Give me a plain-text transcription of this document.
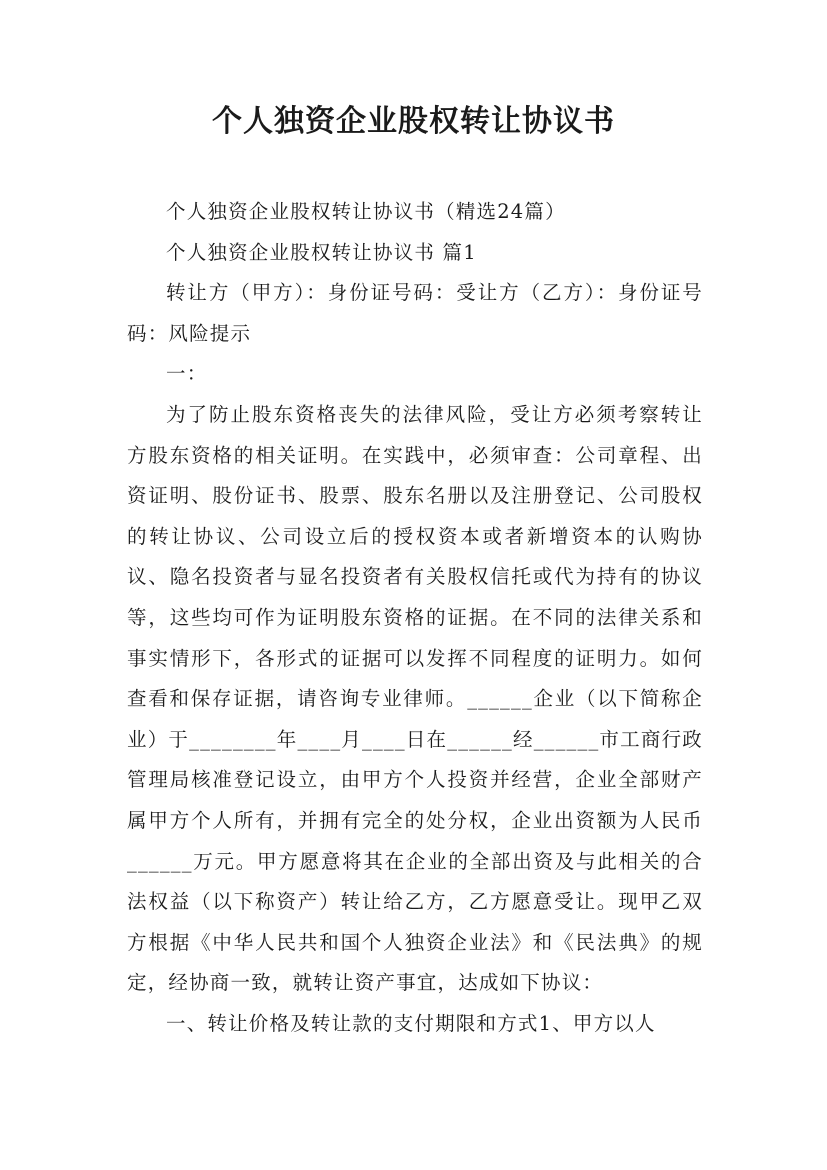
个人独资企业股权转让协议书

个人独资企业股权转让协议书（精选24篇）

个人独资企业股权转让协议书 篇1

转让方（甲方）：身份证号码：受让方（乙方）：身份证号码：风险提示

一：

为了防止股东资格丧失的法律风险，受让方必须考察转让方股东资格的相关证明。在实践中，必须审查：公司章程、出资证明、股份证书、股票、股东名册以及注册登记、公司股权的转让协议、公司设立后的授权资本或者新增资本的认购协议、隐名投资者与显名投资者有关股权信托或代为持有的协议等，这些均可作为证明股东资格的证据。在不同的法律关系和事实情形下，各形式的证据可以发挥不同程度的证明力。如何查看和保存证据，请咨询专业律师。______企业（以下简称企业）于________年____月____日在______经______市工商行政管理局核准登记设立，由甲方个人投资并经营，企业全部财产属甲方个人所有，并拥有完全的处分权，企业出资额为人民币______万元。甲方愿意将其在企业的全部出资及与此相关的合法权益（以下称资产）转让给乙方，乙方愿意受让。现甲乙双方根据《中华人民共和国个人独资企业法》和《民法典》的规定，经协商一致，就转让资产事宜，达成如下协议：

一、转让价格及转让款的支付期限和方式1、甲方以人
